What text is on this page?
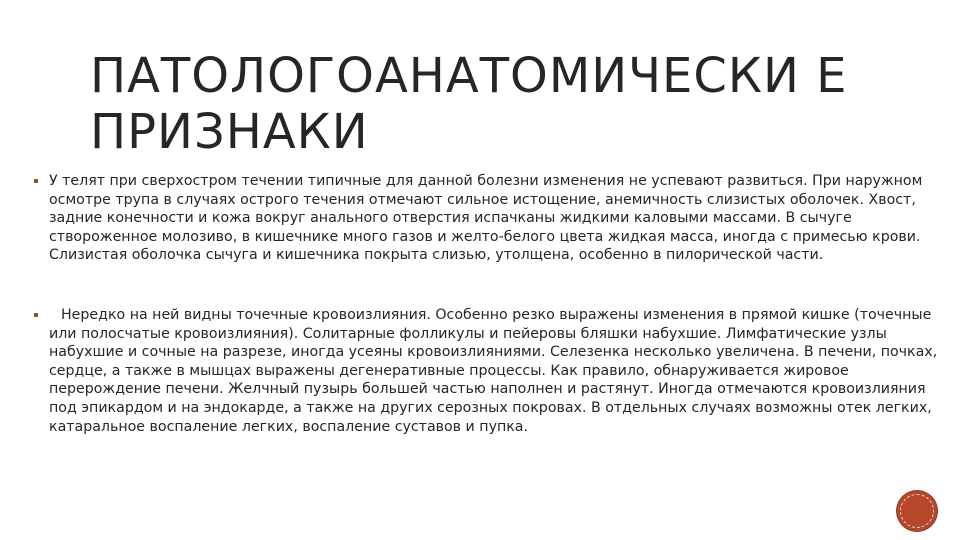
ПАТОЛОГОАНАТОМИЧЕСКИ Е ПРИЗНАКИ
У телят при сверхостром течении типичные для данной болезни изменения не успевают развиться. При наружном осмотре трупа в случаях острого течения отмечают сильное истощение, анемичность слизистых оболочек. Хвост, задние конечности и кожа вокруг анального отверстия испачканы жидкими каловыми массами. В сычуге створоженное молозиво, в кишечнике много газов и желто-белого цвета жидкая масса, иногда с примесью крови. Слизистая оболочка сычуга и кишечника покрыта слизью, утолщена, особенно в пилорической части.
Нередко на ней видны точечные кровоизлияния. Особенно резко выражены изменения в прямой кишке (точечные или полосчатые кровоизлияния). Солитарные фолликулы и пейеровы бляшки набухшие. Лимфатические узлы набухшие и сочные на разрезе, иногда усеяны кровоизлияниями. Селезенка несколько увеличена. В печени, почках, сердце, а также в мышцах выражены дегенеративные процессы. Как правило, обнаруживается жировое перерождение печени. Желчный пузырь большей частью наполнен и растянут. Иногда отмечаются кровоизлияния под эпикардом и на эндокарде, а также на других серозных покровах. В отдельных случаях возможны отек легких, катаральное воспаление легких, воспаление суставов и пупка.
